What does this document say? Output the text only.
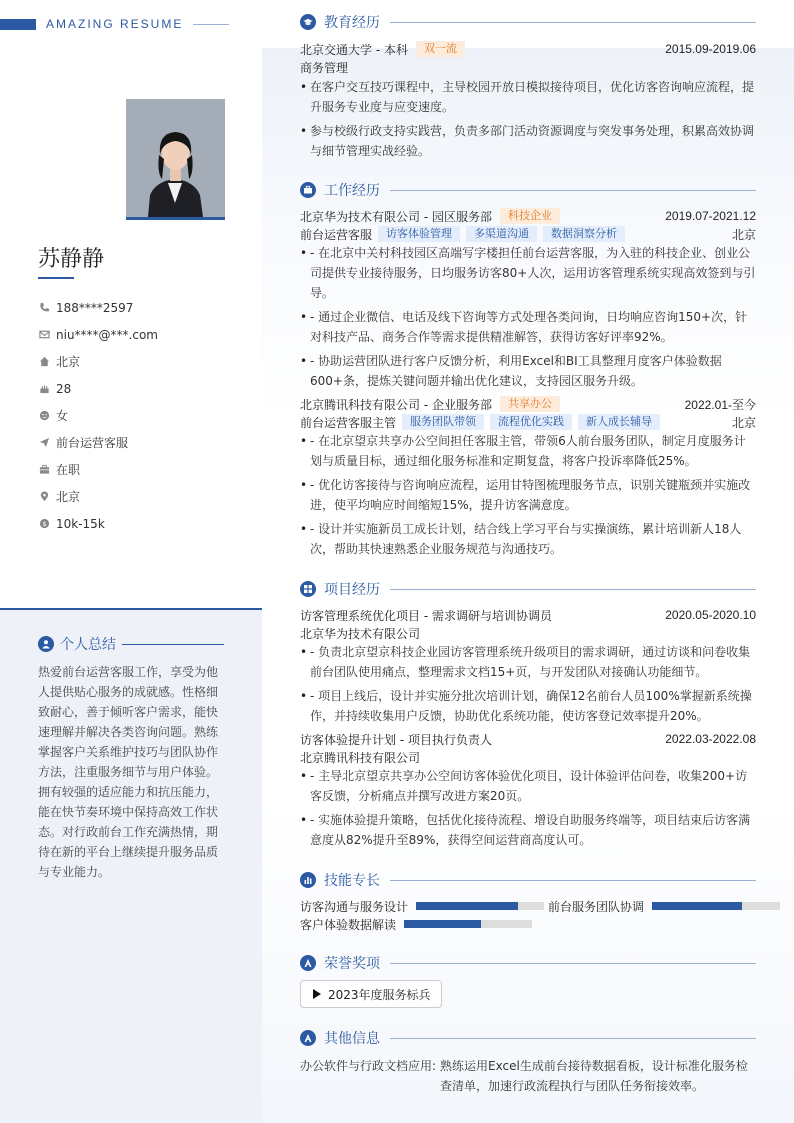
AMAZING RESUME
苏静静
188****2597
niu****@***.com
北京
28
女
前台运营客服
在职
北京
$ 10k-15k
个人总结
热爱前台运营客服工作，享受为他人提供贴心服务的成就感。性格细致耐心，善于倾听客户需求，能快速理解并解决各类咨询问题。熟练掌握客户关系维护技巧与团队协作方法，注重服务细节与用户体验。拥有较强的适应能力和抗压能力，能在快节奏环境中保持高效工作状态。对行政前台工作充满热情，期待在新的平台上继续提升服务品质与专业能力。
教育经历
北京交通大学 - 本科	双一流	2015.09-2019.06
商务管理
• 在客户交互技巧课程中，主导校园开放日模拟接待项目，优化访客咨询响应流程，提升服务专业度与应变速度。
• 参与校级行政支持实践营，负责多部门活动资源调度与突发事务处理，积累高效协调与细节管理实战经验。
工作经历
北京华为技术有限公司 - 园区服务部	科技企业	2019.07-2021.12
前台运营客服	访客体验管理	多渠道沟通	数据洞察分析	北京
• - 在北京中关村科技园区高端写字楼担任前台运营客服，为入驻的科技企业、创业公司提供专业接待服务，日均服务访客80+人次，运用访客管理系统实现高效签到与引导。
• - 通过企业微信、电话及线下咨询等方式处理各类问询，日均响应咨询150+次，针对科技产品、商务合作等需求提供精准解答，获得访客好评率92%。
• - 协助运营团队进行客户反馈分析，利用Excel和BI工具整理月度客户体验数据600+条，提炼关键问题并输出优化建议，支持园区服务升级。
北京腾讯科技有限公司 - 企业服务部	共享办公	2022.01-至今
前台运营客服主管	服务团队带领	流程优化实践	新人成长辅导	北京
• - 在北京望京共享办公空间担任客服主管，带领6人前台服务团队，制定月度服务计划与质量目标，通过细化服务标准和定期复盘，将客户投诉率降低25%。
• - 优化访客接待与咨询响应流程，运用甘特图梳理服务节点，识别关键瓶颈并实施改进，使平均响应时间缩短15%，提升访客满意度。
• - 设计并实施新员工成长计划，结合线上学习平台与实操演练，累计培训新人18人次，帮助其快速熟悉企业服务规范与沟通技巧。
项目经历
访客管理系统优化项目 - 需求调研与培训协调员	2020.05-2020.10
北京华为技术有限公司
• - 负责北京望京科技企业园访客管理系统升级项目的需求调研，通过访谈和问卷收集前台团队使用痛点，整理需求文档15+页，与开发团队对接确认功能细节。
• - 项目上线后，设计并实施分批次培训计划，确保12名前台人员100%掌握新系统操作，并持续收集用户反馈，协助优化系统功能，使访客登记效率提升20%。
访客体验提升计划 - 项目执行负责人	2022.03-2022.08
北京腾讯科技有限公司
• - 主导北京望京共享办公空间访客体验优化项目，设计体验评估问卷，收集200+访客反馈，分析痛点并撰写改进方案20页。
• - 实施体验提升策略，包括优化接待流程、增设自助服务终端等，项目结束后访客满意度从82%提升至89%，获得空间运营商高度认可。
技能专长
访客沟通与服务设计	前台服务团队协调
客户体验数据解读
荣誉奖项
2023年度服务标兵
其他信息
办公软件与行政文档应用: 熟练运用Excel生成前台接待数据看板，设计标准化服务检查清单，加速行政流程执行与团队任务衔接效率。
